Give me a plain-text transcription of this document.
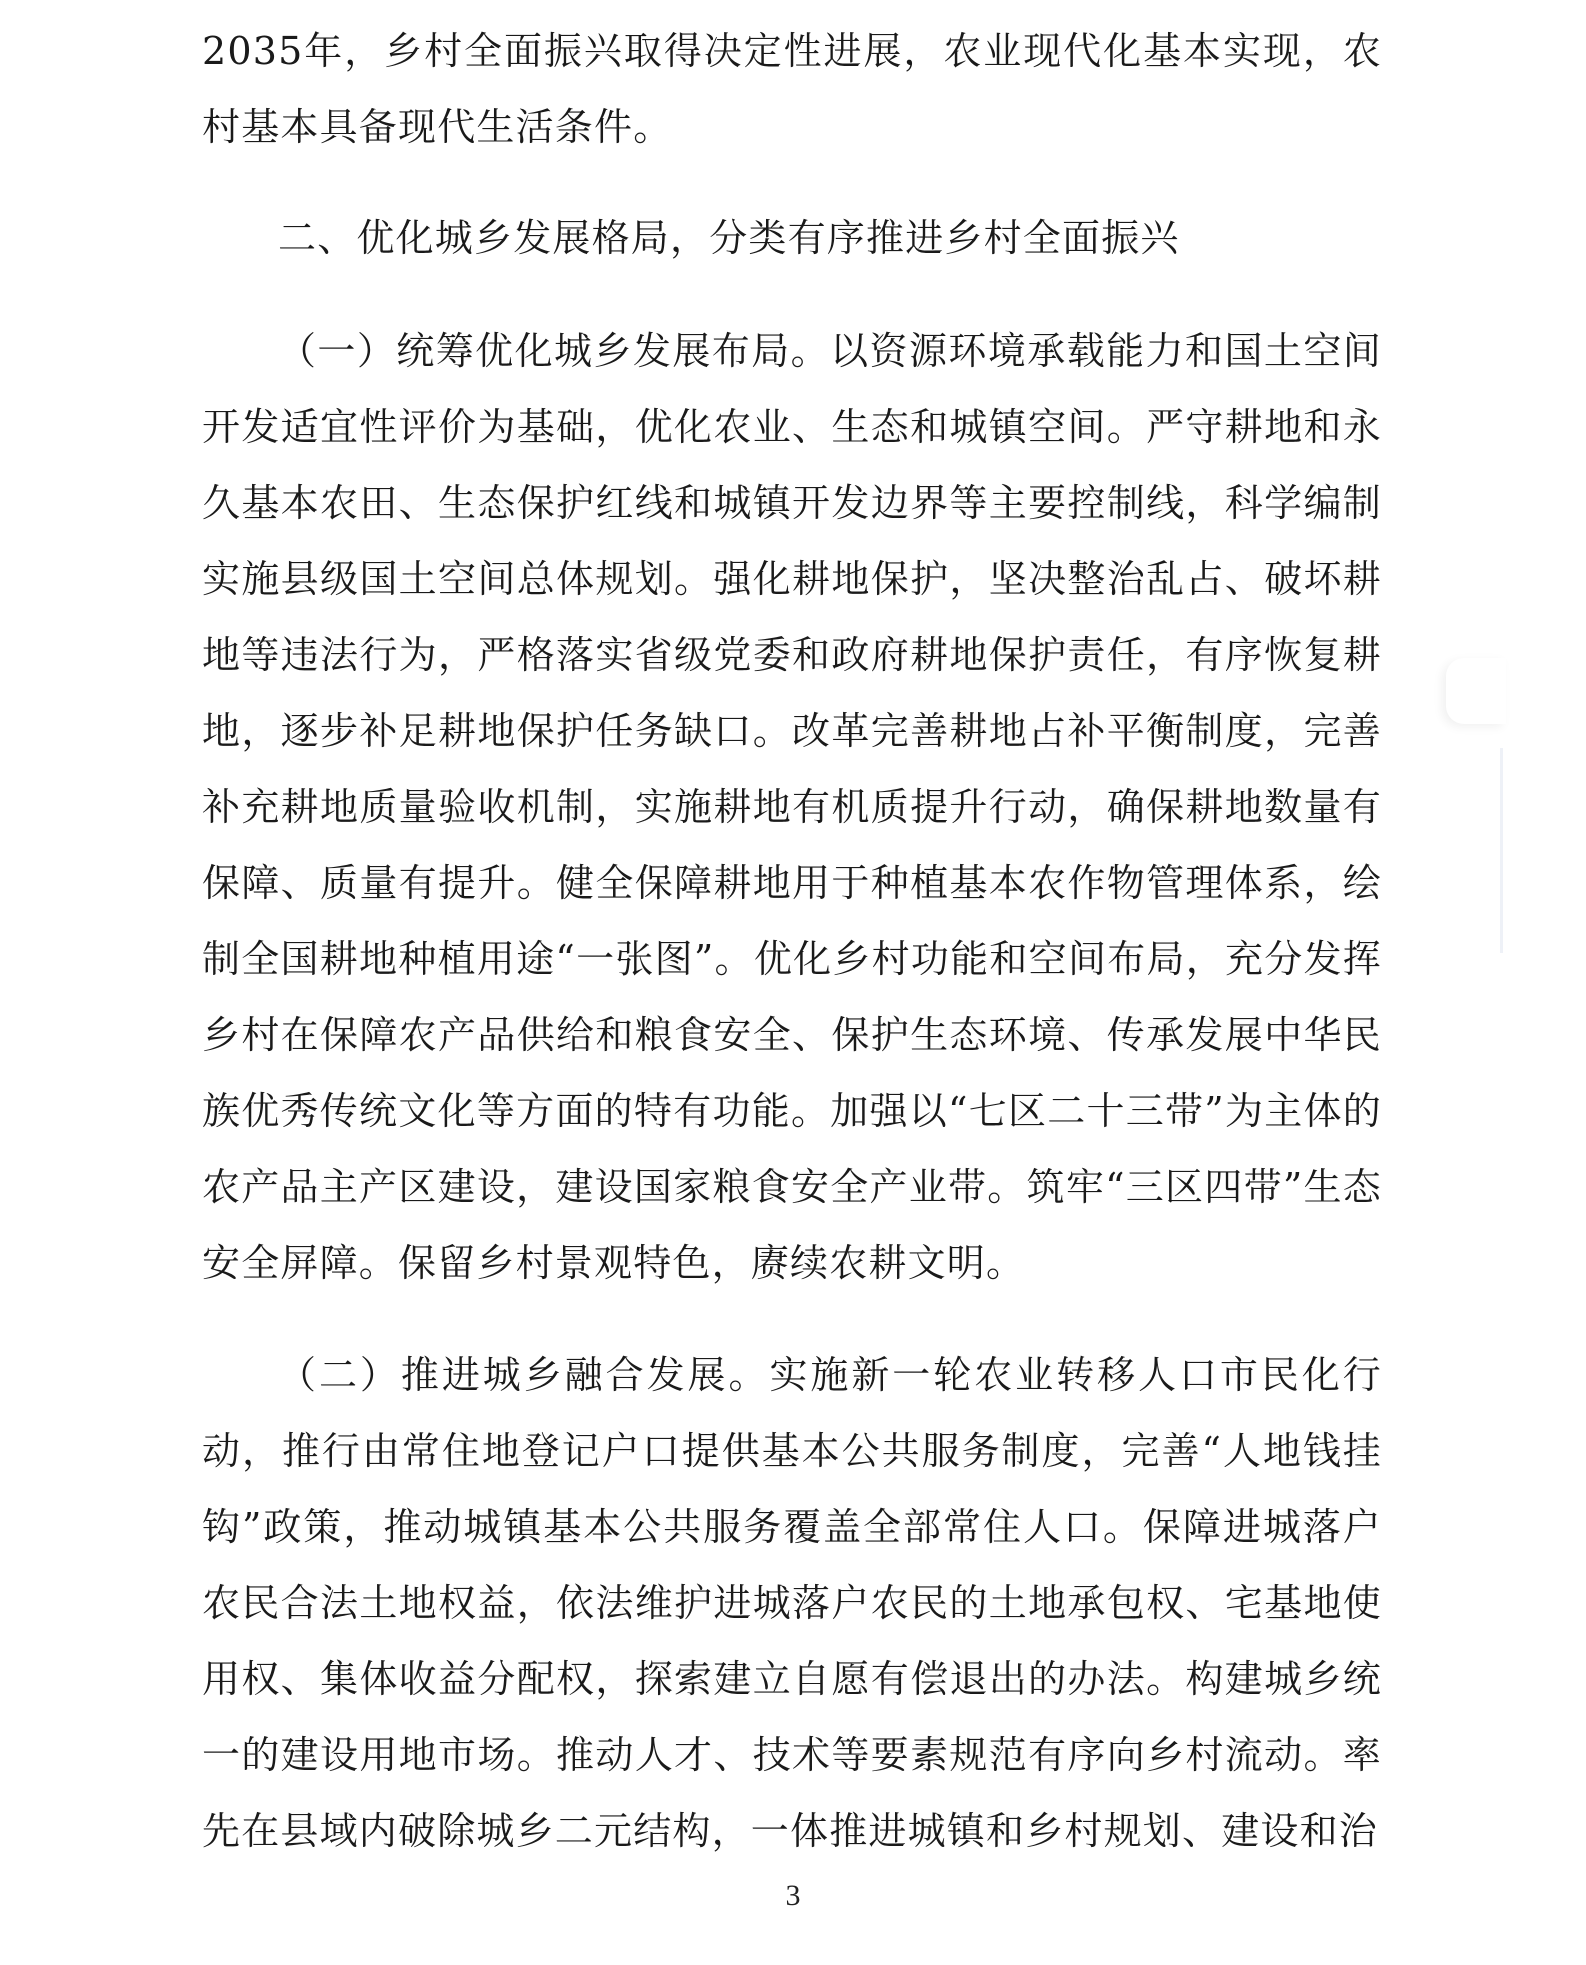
2035年，乡村全面振兴取得决定性进展，农业现代化基本实现，农村基本具备现代生活条件。

二、优化城乡发展格局，分类有序推进乡村全面振兴

（一）统筹优化城乡发展布局。以资源环境承载能力和国土空间开发适宜性评价为基础，优化农业、生态和城镇空间。严守耕地和永久基本农田、生态保护红线和城镇开发边界等主要控制线，科学编制实施县级国土空间总体规划。强化耕地保护，坚决整治乱占、破坏耕地等违法行为，严格落实省级党委和政府耕地保护责任，有序恢复耕地，逐步补足耕地保护任务缺口。改革完善耕地占补平衡制度，完善补充耕地质量验收机制，实施耕地有机质提升行动，确保耕地数量有保障、质量有提升。健全保障耕地用于种植基本农作物管理体系，绘制全国耕地种植用途“一张图”。优化乡村功能和空间布局，充分发挥乡村在保障农产品供给和粮食安全、保护生态环境、传承发展中华民族优秀传统文化等方面的特有功能。加强以“七区二十三带”为主体的农产品主产区建设，建设国家粮食安全产业带。筑牢“三区四带”生态安全屏障。保留乡村景观特色，赓续农耕文明。

（二）推进城乡融合发展。实施新一轮农业转移人口市民化行动，推行由常住地登记户口提供基本公共服务制度，完善“人地钱挂钩”政策，推动城镇基本公共服务覆盖全部常住人口。保障进城落户农民合法土地权益，依法维护进城落户农民的土地承包权、宅基地使用权、集体收益分配权，探索建立自愿有偿退出的办法。构建城乡统一的建设用地市场。推动人才、技术等要素规范有序向乡村流动。率先在县域内破除城乡二元结构，一体推进城镇和乡村规划、建设和治

3
